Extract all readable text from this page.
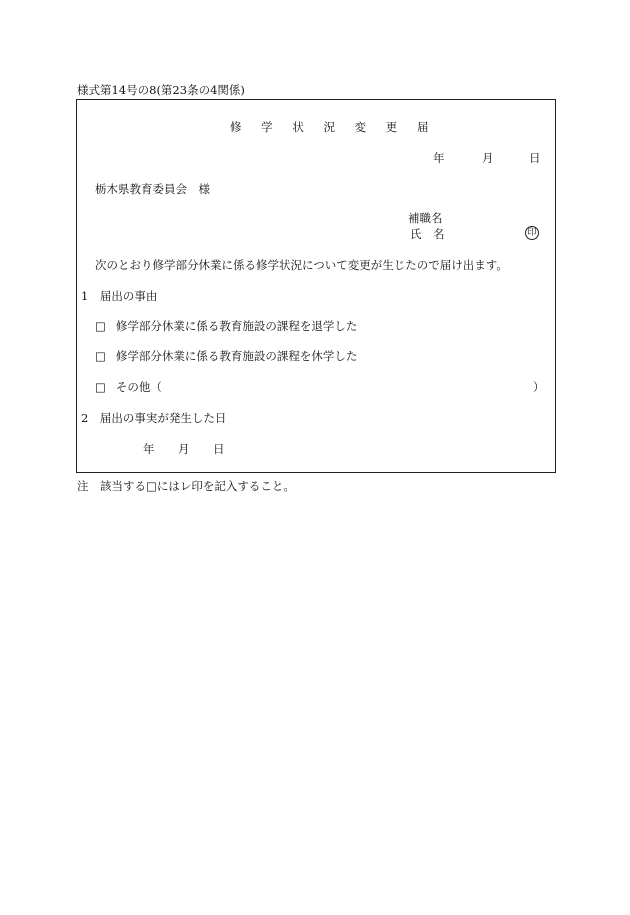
様式第14号の8(第23条の4関係)
修 学 状 況 変 更 届
年	月	日
栃木県教育委員会　様
補職名
氏　名	印
次のとおり修学部分休業に係る修学状況について変更が生じたので届け出ます。
1　届出の事由
□ 修学部分休業に係る教育施設の課程を退学した
□ 修学部分休業に係る教育施設の課程を休学した
□ その他（	）
2　届出の事実が発生した日
年 月 日
注　該当する□にはレ印を記入すること。
